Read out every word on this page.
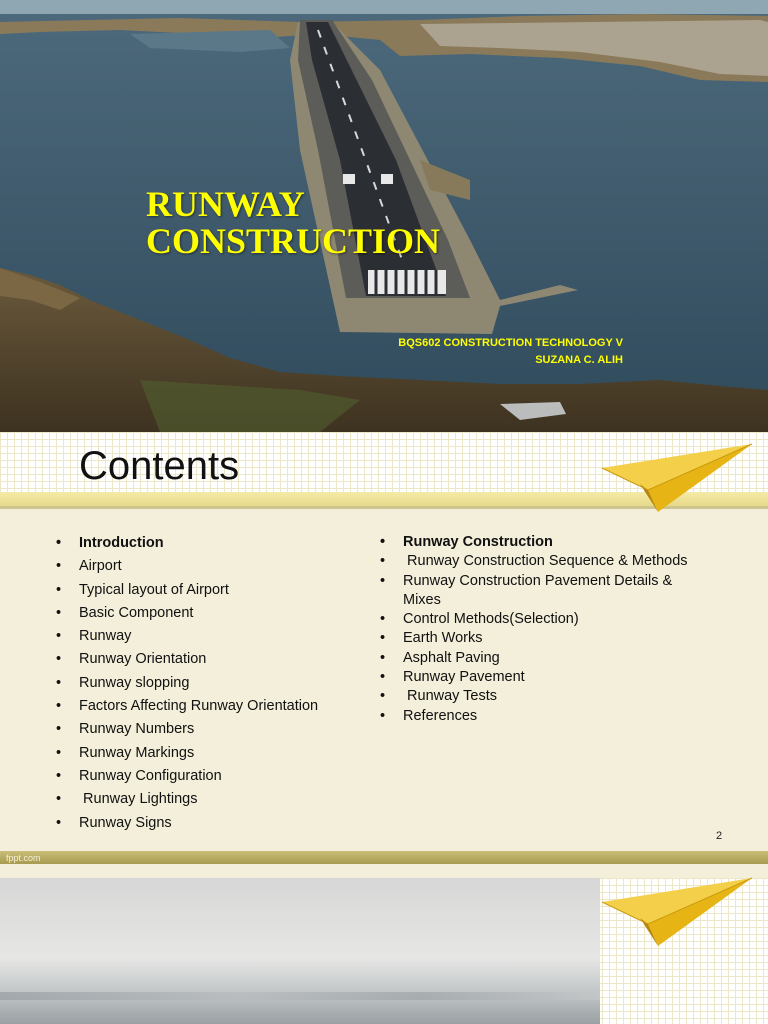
RUNWAY
CONSTRUCTION
BQS602 CONSTRUCTION TECHNOLOGY V
SUZANA C. ALIH
Contents
• Introduction
• Airport
• Typical layout of Airport
• Basic Component
• Runway
• Runway Orientation
• Runway slopping
• Factors Affecting Runway Orientation
• Runway Numbers
• Runway Markings
• Runway Configuration
•  Runway Lightings
• Runway Signs
• Runway Construction
•  Runway Construction Sequence & Methods
• Runway Construction Pavement Details & Mixes
• Control Methods(Selection)
• Earth Works
• Asphalt Paving
• Runway Pavement
•  Runway Tests
• References
2
fppt.com
